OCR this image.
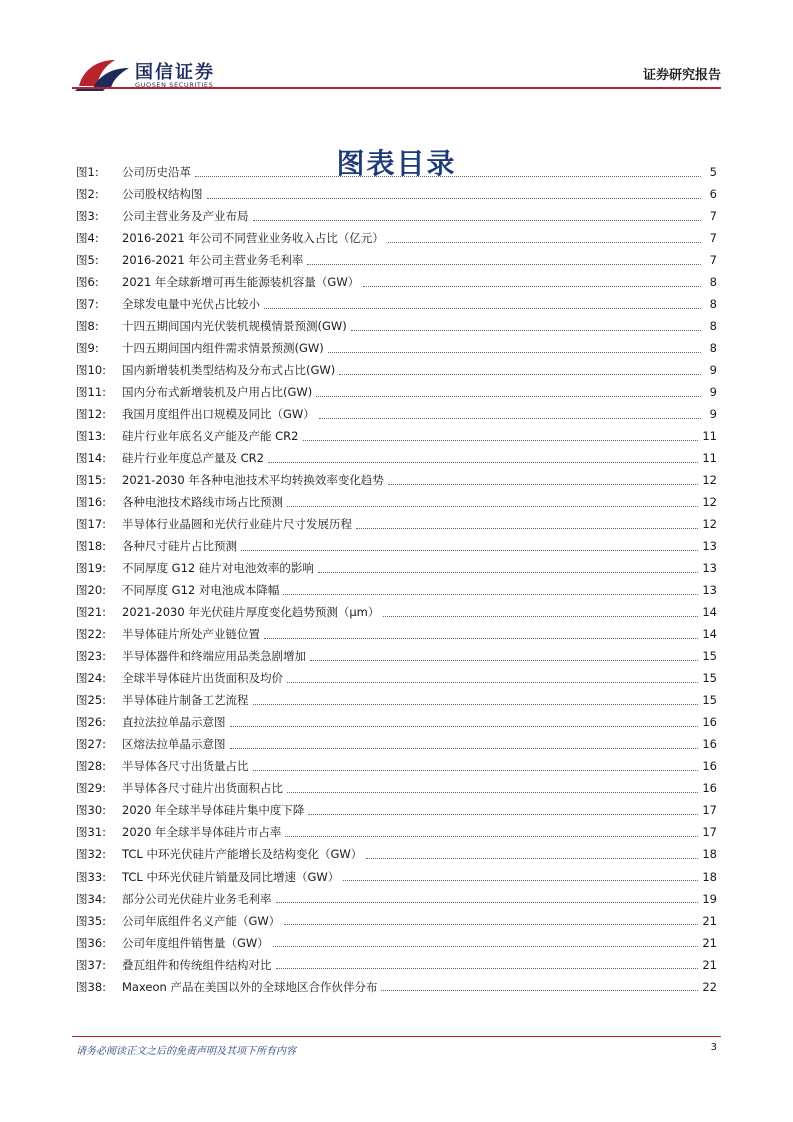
国信证券
GUOSEN SECURITIES
证券研究报告
图表目录
图1:	公司历史沿革	5
图2:	公司股权结构图	6
图3:	公司主营业务及产业布局	7
图4:	2016-2021 年公司不同营业业务收入占比（亿元）	7
图5:	2016-2021 年公司主营业务毛利率	7
图6:	2021 年全球新增可再生能源装机容量（GW）	8
图7:	全球发电量中光伏占比较小	8
图8:	十四五期间国内光伏装机规模情景预测(GW)	8
图9:	十四五期间国内组件需求情景预测(GW)	8
图10:	国内新增装机类型结构及分布式占比(GW)	9
图11:	国内分布式新增装机及户用占比(GW)	9
图12:	我国月度组件出口规模及同比（GW）	9
图13:	硅片行业年底名义产能及产能 CR2	11
图14:	硅片行业年度总产量及 CR2	11
图15:	2021-2030 年各种电池技术平均转换效率变化趋势	12
图16:	各种电池技术路线市场占比预测	12
图17:	半导体行业晶圆和光伏行业硅片尺寸发展历程	12
图18:	各种尺寸硅片占比预测	13
图19:	不同厚度 G12 硅片对电池效率的影响	13
图20:	不同厚度 G12 对电池成本降幅	13
图21:	2021-2030 年光伏硅片厚度变化趋势预测（μm）	14
图22:	半导体硅片所处产业链位置	14
图23:	半导体器件和终端应用品类急剧增加	15
图24:	全球半导体硅片出货面积及均价	15
图25:	半导体硅片制备工艺流程	15
图26:	直拉法拉单晶示意图	16
图27:	区熔法拉单晶示意图	16
图28:	半导体各尺寸出货量占比	16
图29:	半导体各尺寸硅片出货面积占比	16
图30:	2020 年全球半导体硅片集中度下降	17
图31:	2020 年全球半导体硅片市占率	17
图32:	TCL 中环光伏硅片产能增长及结构变化（GW）	18
图33:	TCL 中环光伏硅片销量及同比增速（GW）	18
图34:	部分公司光伏硅片业务毛利率	19
图35:	公司年底组件名义产能（GW）	21
图36:	公司年度组件销售量（GW）	21
图37:	叠瓦组件和传统组件结构对比	21
图38:	Maxeon 产品在美国以外的全球地区合作伙伴分布	22
请务必阅读正文之后的免责声明及其项下所有内容	3
